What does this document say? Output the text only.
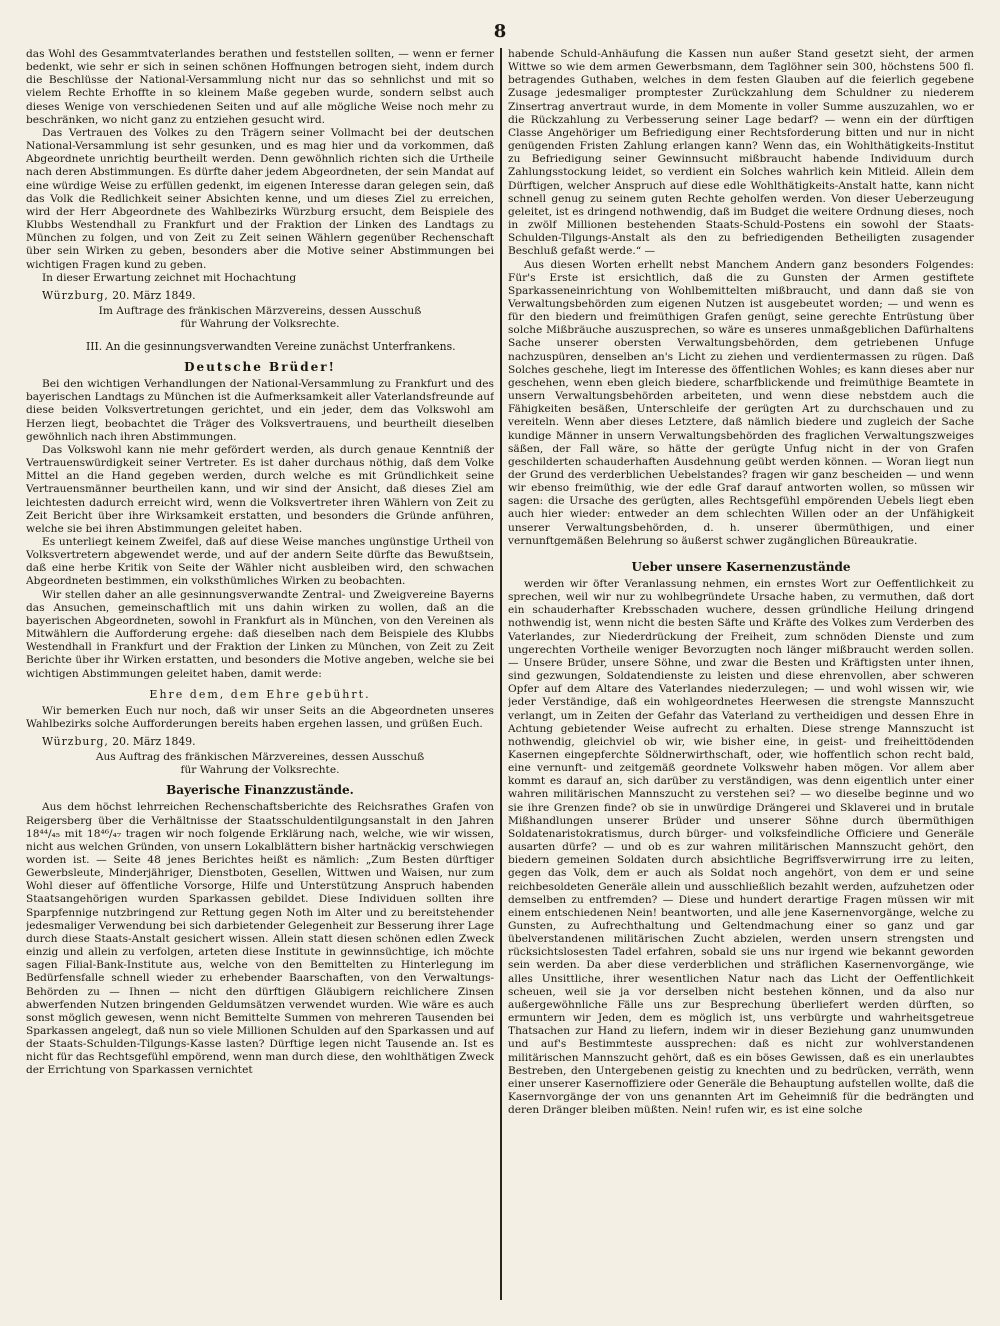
8

das Wohl des Gesammtvaterlandes berathen und feststellen sollten, — wenn er ferner bedenkt, wie sehr er sich in seinen schönen Hoffnungen betrogen sieht, indem durch die Beschlüsse der National-Versammlung nicht nur das so sehnlichst und mit so vielem Rechte Erhoffte in so kleinem Maße gegeben wurde, sondern selbst auch dieses Wenige von verschiedenen Seiten und auf alle mögliche Weise noch mehr zu beschränken, wo nicht ganz zu entziehen gesucht wird.

Das Vertrauen des Volkes zu den Trägern seiner Vollmacht bei der deutschen National-Versammlung ist sehr gesunken, und es mag hier und da vorkommen, daß Abgeordnete unrichtig beurtheilt werden. Denn gewöhnlich richten sich die Urtheile nach deren Abstimmungen. Es dürfte daher jedem Abgeordneten, der sein Mandat auf eine würdige Weise zu erfüllen gedenkt, im eigenen Interesse daran gelegen sein, daß das Volk die Redlichkeit seiner Absichten kenne, und um dieses Ziel zu erreichen, wird der Herr Abgeordnete des Wahlbezirks Würzburg ersucht, dem Beispiele des Klubbs Westendhall zu Frankfurt und der Fraktion der Linken des Landtags zu München zu folgen, und von Zeit zu Zeit seinen Wählern gegenüber Rechenschaft über sein Wirken zu geben, besonders aber die Motive seiner Abstimmungen bei wichtigen Fragen kund zu geben.

In dieser Erwartung zeichnet mit Hochachtung

Würzburg, 20. März 1849.

Im Auftrage des fränkischen Märzvereins, dessen Ausschuß

für Wahrung der Volksrechte.

III. An die gesinnungsverwandten Vereine zunächst Unterfrankens.
Deutsche Brüder!

Bei den wichtigen Verhandlungen der National-Versammlung zu Frankfurt und des bayerischen Landtags zu München ist die Aufmerksamkeit aller Vaterlandsfreunde auf diese beiden Volksvertretungen gerichtet, und ein jeder, dem das Volkswohl am Herzen liegt, beobachtet die Träger des Volksvertrauens, und beurtheilt dieselben gewöhnlich nach ihren Abstimmungen.

Das Volkswohl kann nie mehr gefördert werden, als durch genaue Kenntniß der Vertrauenswürdigkeit seiner Vertreter. Es ist daher durchaus nöthig, daß dem Volke Mittel an die Hand gegeben werden, durch welche es mit Gründlichkeit seine Vertrauensmänner beurtheilen kann, und wir sind der Ansicht, daß dieses Ziel am leichtesten dadurch erreicht wird, wenn die Volksvertreter ihren Wählern von Zeit zu Zeit Bericht über ihre Wirksamkeit erstatten, und besonders die Gründe anführen, welche sie bei ihren Abstimmungen geleitet haben.

Es unterliegt keinem Zweifel, daß auf diese Weise manches ungünstige Urtheil von Volksvertretern abgewendet werde, und auf der andern Seite dürfte das Bewußtsein, daß eine herbe Kritik von Seite der Wähler nicht ausbleiben wird, den schwachen Abgeordneten bestimmen, ein volksthümliches Wirken zu beobachten.

Wir stellen daher an alle gesinnungsverwandte Zentral- und Zweigvereine Bayerns das Ansuchen, gemeinschaftlich mit uns dahin wirken zu wollen, daß an die bayerischen Abgeordneten, sowohl in Frankfurt als in München, von den Vereinen als Mitwählern die Aufforderung ergehe: daß dieselben nach dem Beispiele des Klubbs Westendhall in Frankfurt und der Fraktion der Linken zu München, von Zeit zu Zeit Berichte über ihr Wirken erstatten, und besonders die Motive angeben, welche sie bei wichtigen Abstimmungen geleitet haben, damit werde:

Ehre dem, dem Ehre gebührt.

Wir bemerken Euch nur noch, daß wir unser Seits an die Abgeordneten unseres Wahlbezirks solche Aufforderungen bereits haben ergehen lassen, und grüßen Euch.

Würzburg, 20. März 1849.

Aus Auftrag des fränkischen Märzvereines, dessen Ausschuß

für Wahrung der Volksrechte.

Bayerische Finanzzustände.

Aus dem höchst lehrreichen Rechenschaftsberichte des Reichsrathes Grafen von Reigersberg über die Verhältnisse der Staatsschuldentilgungsanstalt in den Jahren 18⁴⁴/₄₅ mit 18⁴⁶/₄₇ tragen wir noch folgende Erklärung nach, welche, wie wir wissen, nicht aus welchen Gründen, von unsern Lokalblättern bisher hartnäckig verschwiegen worden ist. — Seite 48 jenes Berichtes heißt es nämlich: „Zum Besten dürftiger Gewerbsleute, Minderjähriger, Dienstboten, Gesellen, Wittwen und Waisen, nur zum Wohl dieser auf öffentliche Vorsorge, Hilfe und Unterstützung Anspruch habenden Staatsangehörigen wurden Sparkassen gebildet. Diese Individuen sollten ihre Sparpfennige nutzbringend zur Rettung gegen Noth im Alter und zu bereitstehender jedesmaliger Verwendung bei sich darbietender Gelegenheit zur Besserung ihrer Lage durch diese Staats-Anstalt gesichert wissen. Allein statt diesen schönen edlen Zweck einzig und allein zu verfolgen, arteten diese Institute in gewinnsüchtige, ich möchte sagen Filial-Bank-Institute aus, welche von den Bemittelten zu Hinterlegung im Bedürfensfalle schnell wieder zu erhebender Baarschaften, von den Verwaltungs-Behörden zu — Ihnen — nicht den dürftigen Gläubigern reichlichere Zinsen abwerfenden Nutzen bringenden Geldumsätzen verwendet wurden. Wie wäre es auch sonst möglich gewesen, wenn nicht Bemittelte Summen von mehreren Tausenden bei Sparkassen angelegt, daß nun so viele Millionen Schulden auf den Sparkassen und auf der Staats-Schulden-Tilgungs-Kasse lasten? Dürftige legen nicht Tausende an. Ist es nicht für das Rechtsgefühl empörend, wenn man durch diese, den wohlthätigen Zweck der Errichtung von Sparkassen vernichtet

habende Schuld-Anhäufung die Kassen nun außer Stand gesetzt sieht, der armen Wittwe so wie dem armen Gewerbsmann, dem Taglöhner sein 300, höchstens 500 fl. betragendes Guthaben, welches in dem festen Glauben auf die feierlich gegebene Zusage jedesmaliger promptester Zurückzahlung dem Schuldner zu niederem Zinsertrag anvertraut wurde, in dem Momente in voller Summe auszuzahlen, wo er die Rückzahlung zu Verbesserung seiner Lage bedarf? — wenn ein der dürftigen Classe Angehöriger um Befriedigung einer Rechtsforderung bitten und nur in nicht genügenden Fristen Zahlung erlangen kann? Wenn das, ein Wohlthätigkeits-Institut zu Befriedigung seiner Gewinnsucht mißbraucht habende Individuum durch Zahlungsstockung leidet, so verdient ein Solches wahrlich kein Mitleid. Allein dem Dürftigen, welcher Anspruch auf diese edle Wohlthätigkeits-Anstalt hatte, kann nicht schnell genug zu seinem guten Rechte geholfen werden. Von dieser Ueberzeugung geleitet, ist es dringend nothwendig, daß im Budget die weitere Ordnung dieses, noch in zwölf Millionen bestehenden Staats-Schuld-Postens ein sowohl der Staats-Schulden-Tilgungs-Anstalt als den zu befriedigenden Betheiligten zusagender Beschluß gefaßt werde.“ —

Aus diesen Worten erhellt nebst Manchem Andern ganz besonders Folgendes: Für's Erste ist ersichtlich, daß die zu Gunsten der Armen gestiftete Sparkasseneinrichtung von Wohlbemittelten mißbraucht, und dann daß sie von Verwaltungsbehörden zum eigenen Nutzen ist ausgebeutet worden; — und wenn es für den biedern und freimüthigen Grafen genügt, seine gerechte Entrüstung über solche Mißbräuche auszusprechen, so wäre es unseres unmaßgeblichen Dafürhaltens Sache unserer obersten Verwaltungsbehörden, dem getriebenen Unfuge nachzuspüren, denselben an's Licht zu ziehen und verdientermassen zu rügen. Daß Solches geschehe, liegt im Interesse des öffentlichen Wohles; es kann dieses aber nur geschehen, wenn eben gleich biedere, scharfblickende und freimüthige Beamtete in unsern Verwaltungsbehörden arbeiteten, und wenn diese nebstdem auch die Fähigkeiten besäßen, Unterschleife der gerügten Art zu durchschauen und zu vereiteln. Wenn aber dieses Letztere, daß nämlich biedere und zugleich der Sache kundige Männer in unsern Verwaltungsbehörden des fraglichen Verwaltungszweiges säßen, der Fall wäre, so hätte der gerügte Unfug nicht in der von Grafen geschilderten schauderhaften Ausdehnung geübt werden können. — Woran liegt nun der Grund des verderblichen Uebelstandes? fragen wir ganz bescheiden — und wenn wir ebenso freimüthig, wie der edle Graf darauf antworten wollen, so müssen wir sagen: die Ursache des gerügten, alles Rechtsgefühl empörenden Uebels liegt eben auch hier wieder: entweder an dem schlechten Willen oder an der Unfähigkeit unserer Verwaltungsbehörden, d. h. unserer übermüthigen, und einer vernunftgemäßen Belehrung so äußerst schwer zugänglichen Büreaukratie.

Ueber unsere Kasernenzustände

werden wir öfter Veranlassung nehmen, ein ernstes Wort zur Oeffentlichkeit zu sprechen, weil wir nur zu wohlbegründete Ursache haben, zu vermuthen, daß dort ein schauderhafter Krebsschaden wuchere, dessen gründliche Heilung dringend nothwendig ist, wenn nicht die besten Säfte und Kräfte des Volkes zum Verderben des Vaterlandes, zur Niederdrückung der Freiheit, zum schnöden Dienste und zum ungerechten Vortheile weniger Bevorzugten noch länger mißbraucht werden sollen. — Unsere Brüder, unsere Söhne, und zwar die Besten und Kräftigsten unter ihnen, sind gezwungen, Soldatendienste zu leisten und diese ehrenvollen, aber schweren Opfer auf dem Altare des Vaterlandes niederzulegen; — und wohl wissen wir, wie jeder Verständige, daß ein wohlgeordnetes Heerwesen die strengste Mannszucht verlangt, um in Zeiten der Gefahr das Vaterland zu vertheidigen und dessen Ehre in Achtung gebietender Weise aufrecht zu erhalten. Diese strenge Mannszucht ist nothwendig, gleichviel ob wir, wie bisher eine, in geist- und freiheittödenden Kasernen eingepferchte Söldnerwirthschaft, oder, wie hoffentlich schon recht bald, eine vernunft- und zeitgemäß geordnete Volkswehr haben mögen. Vor allem aber kommt es darauf an, sich darüber zu verständigen, was denn eigentlich unter einer wahren militärischen Mannszucht zu verstehen sei? — wo dieselbe beginne und wo sie ihre Grenzen finde? ob sie in unwürdige Drängerei und Sklaverei und in brutale Mißhandlungen unserer Brüder und unserer Söhne durch übermüthigen Soldatenaristokratismus, durch bürger- und volksfeindliche Officiere und Generäle ausarten dürfe? — und ob es zur wahren militärischen Mannszucht gehört, den biedern gemeinen Soldaten durch absichtliche Begriffsverwirrung irre zu leiten, gegen das Volk, dem er auch als Soldat noch angehört, von dem er und seine reichbesoldeten Generäle allein und ausschließlich bezahlt werden, aufzuhetzen oder demselben zu entfremden? — Diese und hundert derartige Fragen müssen wir mit einem entschiedenen Nein! beantworten, und alle jene Kasernenvorgänge, welche zu Gunsten, zu Aufrechthaltung und Geltendmachung einer so ganz und gar übelverstandenen militärischen Zucht abzielen, werden unsern strengsten und rücksichtslosesten Tadel erfahren, sobald sie uns nur irgend wie bekannt geworden sein werden. Da aber diese verderblichen und sträflichen Kasernenvorgänge, wie alles Unsittliche, ihrer wesentlichen Natur nach das Licht der Oeffentlichkeit scheuen, weil sie ja vor derselben nicht bestehen können, und da also nur außergewöhnliche Fälle uns zur Besprechung überliefert werden dürften, so ermuntern wir Jeden, dem es möglich ist, uns verbürgte und wahrheitsgetreue Thatsachen zur Hand zu liefern, indem wir in dieser Beziehung ganz unumwunden und auf's Bestimmteste aussprechen: daß es nicht zur wohlverstandenen militärischen Mannszucht gehört, daß es ein böses Gewissen, daß es ein unerlaubtes Bestreben, den Untergebenen geistig zu knechten und zu bedrücken, verräth, wenn einer unserer Kasernoffiziere oder Generäle die Behauptung aufstellen wollte, daß die Kasernvorgänge der von uns genannten Art im Geheimniß für die bedrängten und deren Dränger bleiben müßten. Nein! rufen wir, es ist eine solche
